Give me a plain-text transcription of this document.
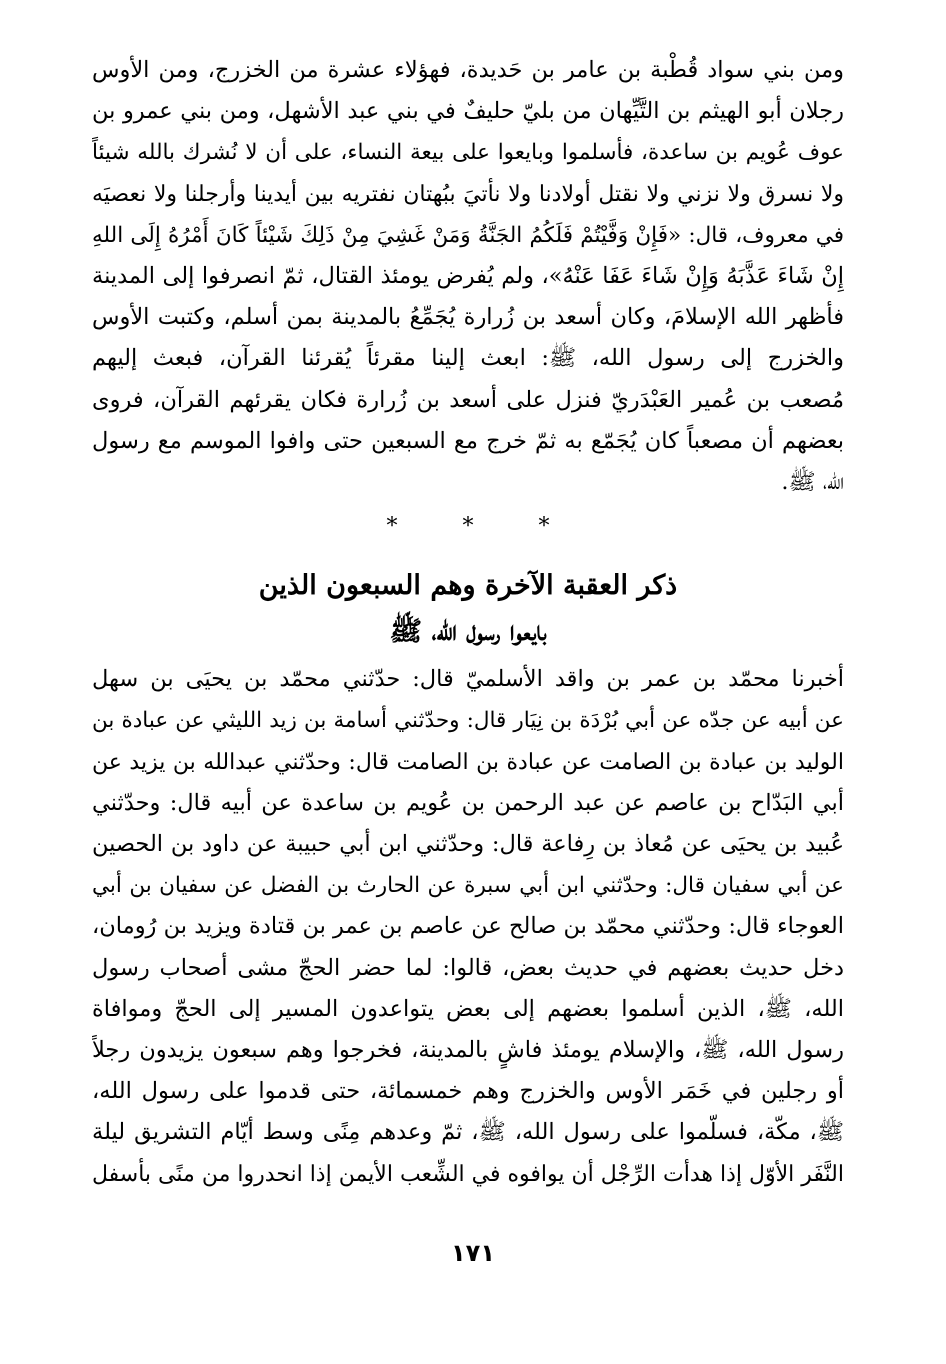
ومن بني سواد قُطْبة بن عامر بن حَديدة، فهؤلاء عشرة من الخزرج، ومن الأوس
رجلان أبو الهيثم بن التَّيِّهان من بليّ حليفٌ في بني عبد الأشهل، ومن بني عمرو بن
عوف عُويم بن ساعدة، فأسلموا وبايعوا على بيعة النساء، على أن لا نُشرك بالله شيئاً
ولا نسرق ولا نزني ولا نقتل أولادنا ولا نأتيَ ببُهتان نفتريه بين أيدينا وأرجلنا ولا نعصيَه
في معروف، قال: «فَإِنْ وَفَّيْتُمْ فَلَكُمُ الجَنَّةُ وَمَنْ غَشِيَ مِنْ ذَلِكَ شَيْئاً كَانَ أَمْرُهُ إِلَى اللهِ
إِنْ شَاءَ عَذَّبَهُ وَإِنْ شَاءَ عَفَا عَنْهُ»، ولم يُفرض يومئذ القتال، ثمّ انصرفوا إلى المدينة
فأظهر الله الإسلامَ، وكان أسعد بن زُرارة يُجَمِّعُ بالمدينة بمن أسلم، وكتبت الأوس
والخزرج إلى رسول الله، ﷺ: ابعث إلينا مقرئاً يُقرئنا القرآن، فبعث إليهم
مُصعب بن عُمير العَبْدَريّ فنزل على أسعد بن زُرارة فكان يقرئهم القرآن، فروى
بعضهم أن مصعباً كان يُجَمّع به ثمّ خرج مع السبعين حتى وافوا الموسم مع رسول
الله، ﷺ.
* * *
ذكر العقبة الآخرة وهم السبعون الذين
بايعوا رسول الله، ﷺ
أخبرنا محمّد بن عمر بن واقد الأسلميّ قال: حدّثني محمّد بن يحيَى بن سهل
عن أبيه عن جدّه عن أبي بُرْدَة بن نِيَار قال: وحدّثني أسامة بن زيد الليثي عن عبادة بن
الوليد بن عبادة بن الصامت عن عبادة بن الصامت قال: وحدّثني عبدالله بن يزيد عن
أبي البَدّاح بن عاصم عن عبد الرحمن بن عُويم بن ساعدة عن أبيه قال: وحدّثني
عُبيد بن يحيَى عن مُعاذ بن رِفاعة قال: وحدّثني ابن أبي حبيبة عن داود بن الحصين
عن أبي سفيان قال: وحدّثني ابن أبي سبرة عن الحارث بن الفضل عن سفيان بن أبي
العوجاء قال: وحدّثني محمّد بن صالح عن عاصم بن عمر بن قتادة ويزيد بن رُومان،
دخل حديث بعضهم في حديث بعض، قالوا: لما حضر الحجّ مشى أصحاب رسول
الله، ﷺ، الذين أسلموا بعضهم إلى بعض يتواعدون المسير إلى الحجّ وموافاة
رسول الله، ﷺ، والإسلام يومئذ فاشٍ بالمدينة، فخرجوا وهم سبعون يزيدون رجلاً
أو رجلين في خَمَر الأوس والخزرج وهم خمسمائة، حتى قدموا على رسول الله،
ﷺ، مكّة، فسلّموا على رسول الله، ﷺ، ثمّ وعدهم مِنًى وسط أيّام التشريق ليلة
النَّفَر الأوّل إذا هدأت الرِّجْل أن يوافوه في الشِّعب الأيمن إذا انحدروا من منًى بأسفل
١٧١
